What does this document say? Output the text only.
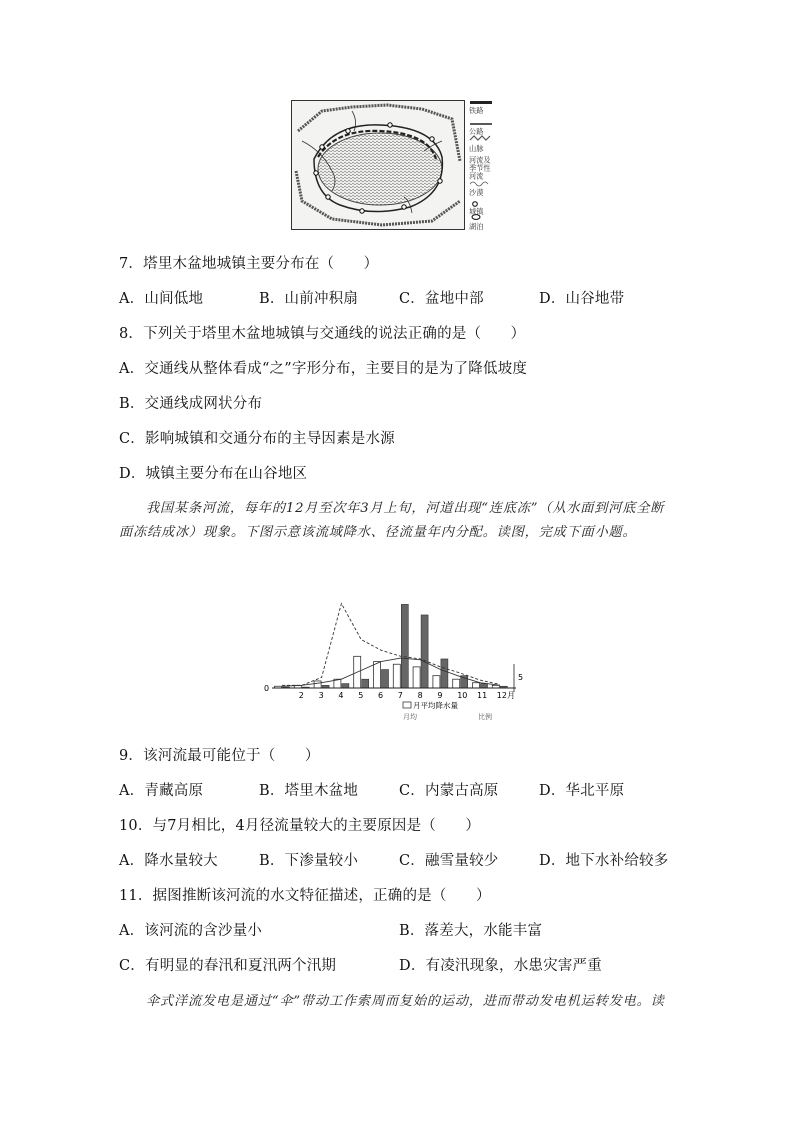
铁路
公路
山脉
河流及季节性河流
沙漠
城镇
湖泊
7．塔里木盆地城镇主要分布在（　　）
A．山间低地	B．山前冲积扇	C．盆地中部	D．山谷地带
8．下列关于塔里木盆地城镇与交通线的说法正确的是（　　）
A．交通线从整体看成“之”字形分布，主要目的是为了降低坡度
B．交通线成网状分布
C．影响城镇和交通分布的主导因素是水源
D．城镇主要分布在山谷地区
我国某条河流，每年的12月至次年3月上旬，河道出现“连底冻”（从水面到河底全断
面冻结成冰）现象。下图示意该流域降水、径流量年内分配。读图，完成下面小题。
0
5
2 3 4 5 6 7 8 9 10 11 12月
月平均降水量
月均	比例
9．该河流最可能位于（　　）
A．青藏高原	B．塔里木盆地	C．内蒙古高原	D．华北平原
10．与7月相比，4月径流量较大的主要原因是（　　）
A．降水量较大	B．下渗量较小	C．融雪量较少	D．地下水补给较多
11．据图推断该河流的水文特征描述，正确的是（　　）
A．该河流的含沙量小	B．落差大，水能丰富
C．有明显的春汛和夏汛两个汛期	D．有凌汛现象，水患灾害严重
伞式洋流发电是通过“伞”带动工作索周而复始的运动，进而带动发电机运转发电。读
